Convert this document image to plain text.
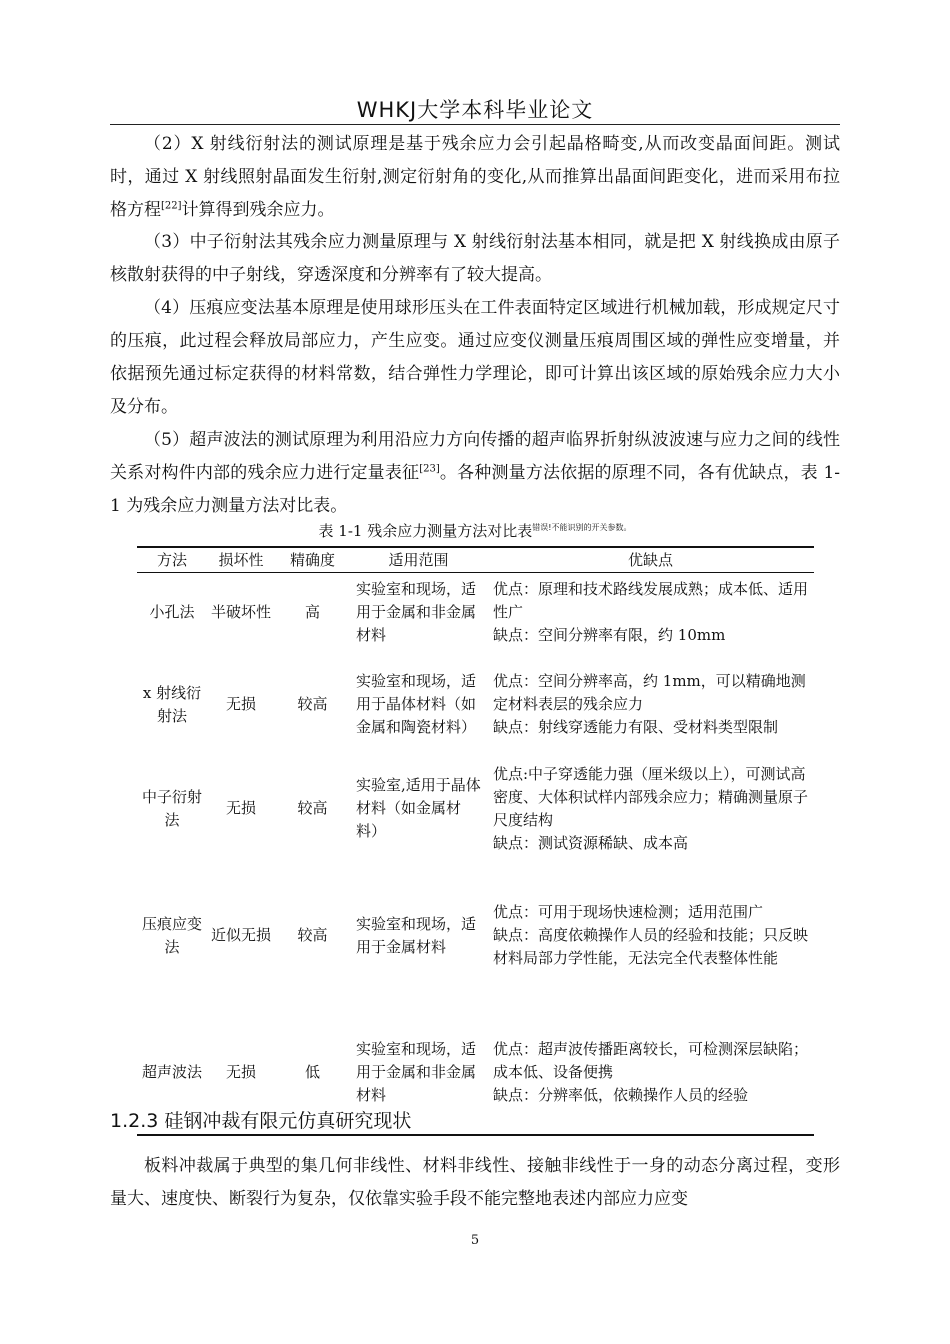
WHKJ大学本科毕业论文

（2）X 射线衍射法的测试原理是基于残余应力会引起晶格畸变,从而改变晶面间距。测试时，通过 X 射线照射晶面发生衍射,测定衍射角的变化,从而推算出晶面间距变化，进而采用布拉格方程[22]计算得到残余应力。

（3）中子衍射法其残余应力测量原理与 X 射线衍射法基本相同，就是把 X 射线换成由原子核散射获得的中子射线，穿透深度和分辨率有了较大提高。

（4）压痕应变法基本原理是使用球形压头在工件表面特定区域进行机械加载，形成规定尺寸的压痕，此过程会释放局部应力，产生应变。通过应变仪测量压痕周围区域的弹性应变增量，并依据预先通过标定获得的材料常数，结合弹性力学理论，即可计算出该区域的原始残余应力大小及分布。

（5）超声波法的测试原理为利用沿应力方向传播的超声临界折射纵波波速与应力之间的线性关系对构件内部的残余应力进行定量表征[23]。各种测量方法依据的原理不同，各有优缺点，表 1-1 为残余应力测量方法对比表。

表 1-1 残余应力测量方法对比表$^{错误!不能识别的开关参数。}$
方法	损坏性	精确度	适用范围	优缺点
小孔法	半破坏性	高	实验室和现场，适用于金属和非金属材料	优点：原理和技术路线发展成熟；成本低、适用性广
缺点：空间分辨率有限，约 10mm

x 射线衍射法	无损	较高	实验室和现场，适用于晶体材料（如金属和陶瓷材料）	优点：空间分辨率高，约 1mm，可以精确地测定材料表层的残余应力
缺点：射线穿透能力有限、受材料类型限制

中子衍射法	无损	较高	实验室,适用于晶体材料（如金属材料）	优点:中子穿透能力强（厘米级以上），可测试高密度、大体积试样内部残余应力；精确测量原子尺度结构
缺点：测试资源稀缺、成本高

压痕应变法	近似无损	较高	实验室和现场，适用于金属材料	优点：可用于现场快速检测；适用范围广
缺点：高度依赖操作人员的经验和技能；只反映材料局部力学性能，无法完全代表整体性能

超声波法	无损	低	实验室和现场，适用于金属和非金属材料	优点：超声波传播距离较长，可检测深层缺陷；成本低、设备便携
缺点：分辨率低，依赖操作人员的经验
1.2.3 硅钢冲裁有限元仿真研究现状

板料冲裁属于典型的集几何非线性、材料非线性、接触非线性于一身的动态分离过程，变形量大、速度快、断裂行为复杂，仅依靠实验手段不能完整地表述内部应力应变

5
